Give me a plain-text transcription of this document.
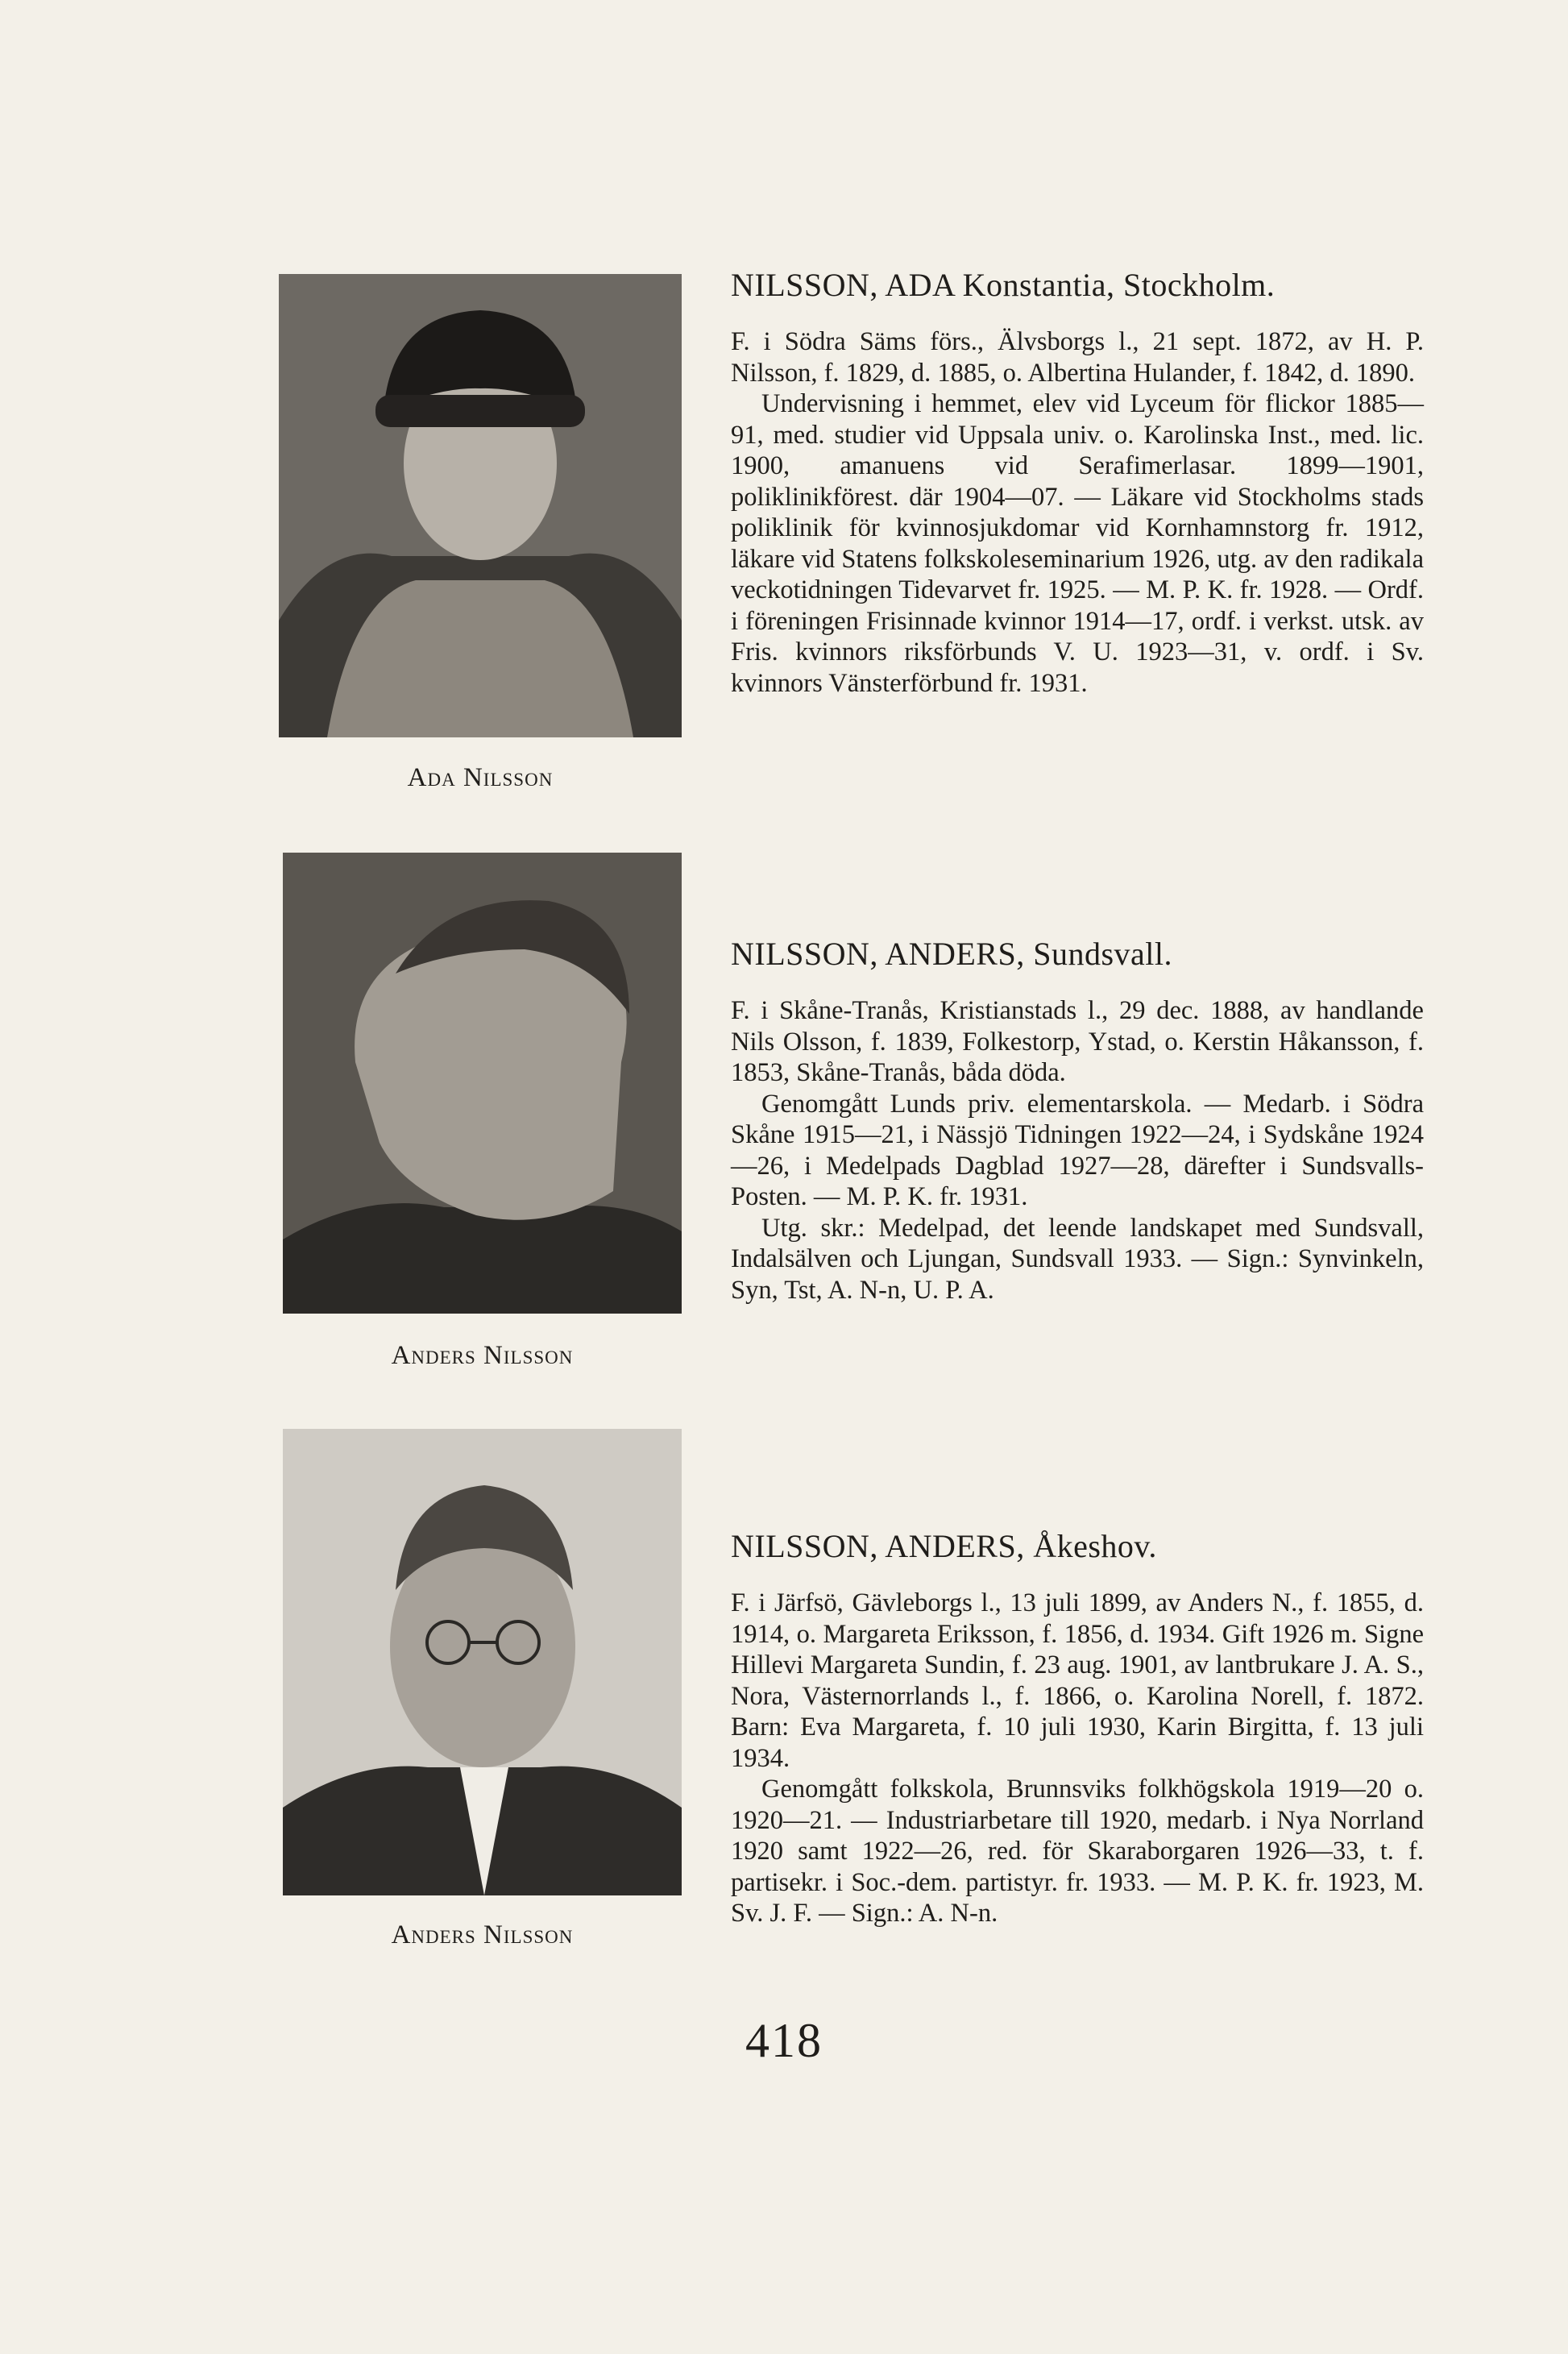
Ada Nilsson
NILSSON, ADA Konstantia, Stockholm.

F. i Södra Säms förs., Älvsborgs l., 21 sept. 1872, av H. P. Nilsson, f. 1829, d. 1885, o. Albertina Hulander, f. 1842, d. 1890.

Undervisning i hemmet, elev vid Lyceum för flickor 1885—91, med. studier vid Uppsala univ. o. Karolinska Inst., med. lic. 1900, amanuens vid Serafimerlasar. 1899—1901, poliklinikförest. där 1904—07. — Läkare vid Stockholms stads poliklinik för kvinnosjukdomar vid Kornhamnstorg fr. 1912, läkare vid Statens folkskoleseminarium 1926, utg. av den radikala veckotidningen Tidevarvet fr. 1925. — M. P. K. fr. 1928. — Ordf. i föreningen Frisinnade kvinnor 1914—17, ordf. i verkst. utsk. av Fris. kvinnors riksförbunds V. U. 1923—31, v. ordf. i Sv. kvinnors Vänsterförbund fr. 1931.

Anders Nilsson
NILSSON, ANDERS, Sundsvall.

F. i Skåne-Tranås, Kristianstads l., 29 dec. 1888, av handlande Nils Olsson, f. 1839, Folkestorp, Ystad, o. Kerstin Håkansson, f. 1853, Skåne-Tranås, båda döda.

Genomgått Lunds priv. elementarskola. — Medarb. i Södra Skåne 1915—21, i Nässjö Tidningen 1922—24, i Sydskåne 1924—26, i Medelpads Dagblad 1927—28, därefter i Sundsvalls-Posten. — M. P. K. fr. 1931.

Utg. skr.: Medelpad, det leende landskapet med Sundsvall, Indalsälven och Ljungan, Sundsvall 1933. — Sign.: Synvinkeln, Syn, Tst, A. N-n, U. P. A.

Anders Nilsson
NILSSON, ANDERS, Åkeshov.

F. i Järfsö, Gävleborgs l., 13 juli 1899, av Anders N., f. 1855, d. 1914, o. Margareta Eriksson, f. 1856, d. 1934. Gift 1926 m. Signe Hillevi Margareta Sundin, f. 23 aug. 1901, av lantbrukare J. A. S., Nora, Västernorrlands l., f. 1866, o. Karolina Norell, f. 1872. Barn: Eva Margareta, f. 10 juli 1930, Karin Birgitta, f. 13 juli 1934.

Genomgått folkskola, Brunnsviks folkhögskola 1919—20 o. 1920—21. — Industriarbetare till 1920, medarb. i Nya Norrland 1920 samt 1922—26, red. för Skaraborgaren 1926—33, t. f. partisekr. i Soc.-dem. partistyr. fr. 1933. — M. P. K. fr. 1923, M. Sv. J. F. — Sign.: A. N-n.

418
